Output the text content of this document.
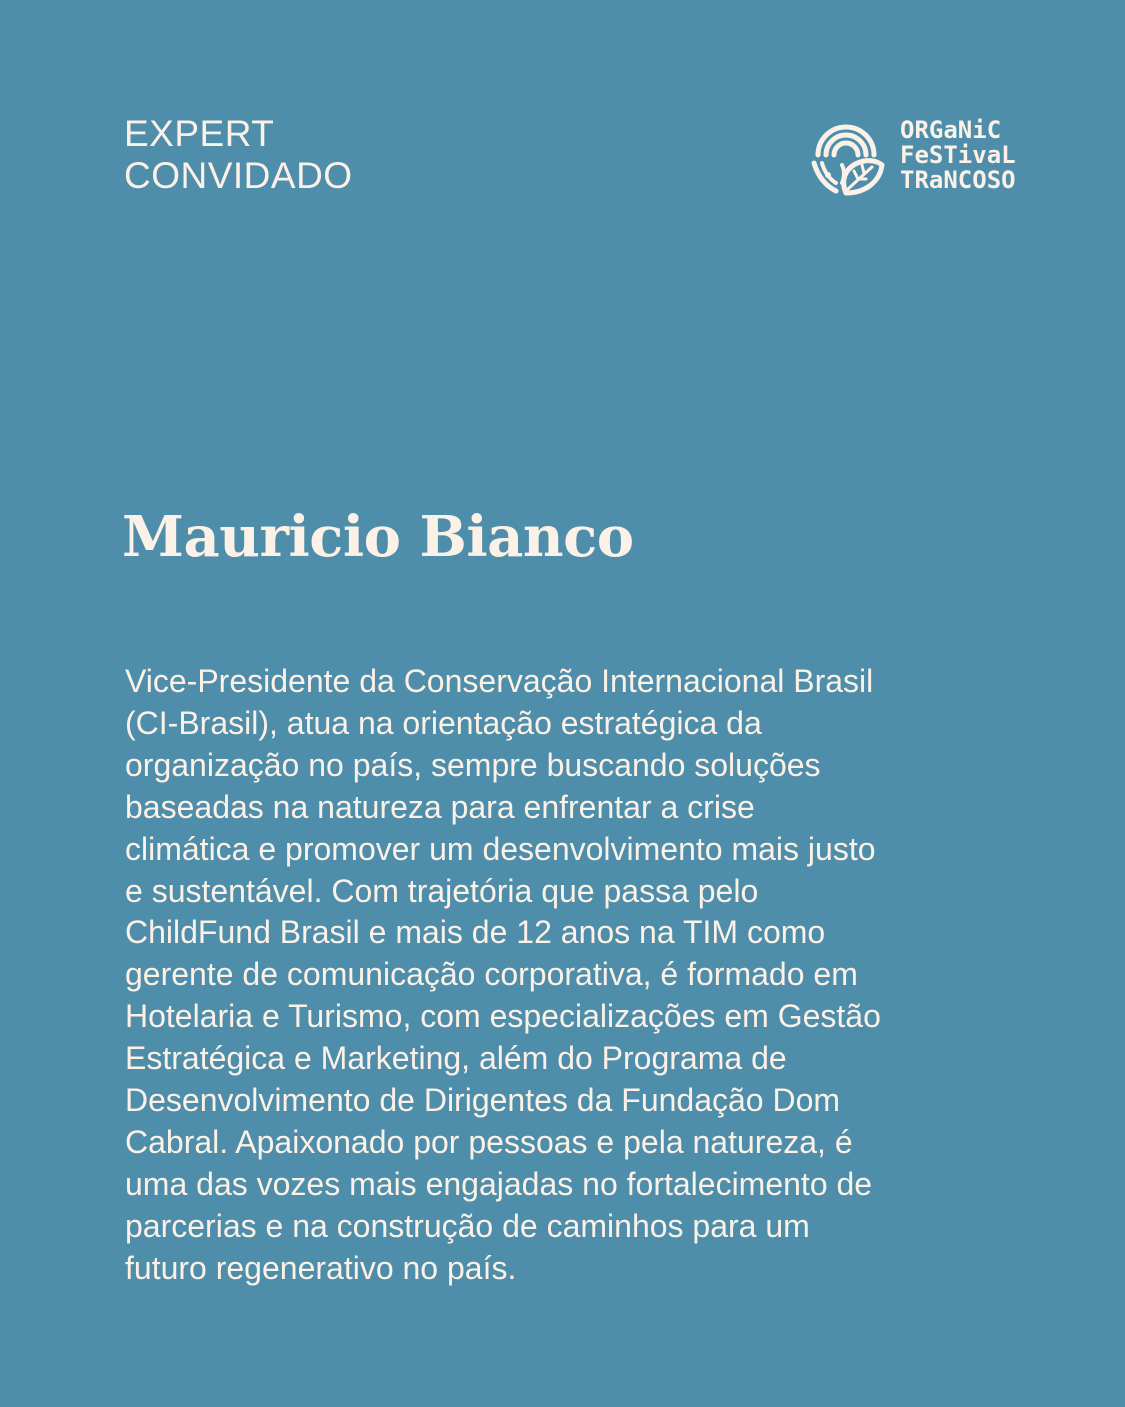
EXPERT
CONVIDADO
ORGaNiC
FeSTivaL
TRaNCOSO
Mauricio Bianco

Vice-Presidente da Conservação Internacional Brasil
(CI-Brasil), atua na orientação estratégica da
organização no país, sempre buscando soluções
baseadas na natureza para enfrentar a crise
climática e promover um desenvolvimento mais justo
e sustentável. Com trajetória que passa pelo
ChildFund Brasil e mais de 12 anos na TIM como
gerente de comunicação corporativa, é formado em
Hotelaria e Turismo, com especializações em Gestão
Estratégica e Marketing, além do Programa de
Desenvolvimento de Dirigentes da Fundação Dom
Cabral. Apaixonado por pessoas e pela natureza, é
uma das vozes mais engajadas no fortalecimento de
parcerias e na construção de caminhos para um
futuro regenerativo no país.
